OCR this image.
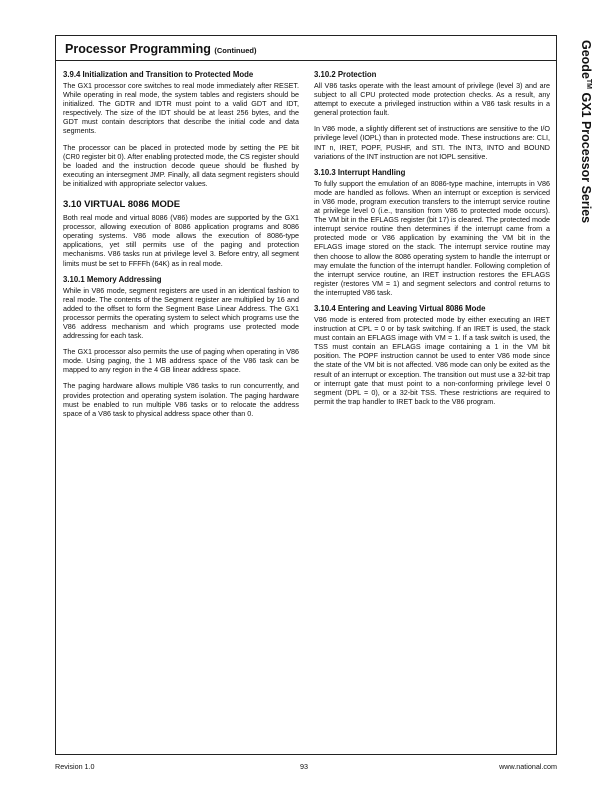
Processor Programming (Continued)	Geode™ GX1 Processor Series
3.9.4 Initialization and Transition to Protected Mode

The GX1 processor core switches to real mode immediately after RESET. While operating in real mode, the system tables and registers should be initialized. The GDTR and IDTR must point to a valid GDT and IDT, respectively. The size of the IDT should be at least 256 bytes, and the GDT must contain descriptors that describe the initial code and data segments.

The processor can be placed in protected mode by setting the PE bit (CR0 register bit 0). After enabling protected mode, the CS register should be loaded and the instruction decode queue should be flushed by executing an intersegment JMP. Finally, all data segment registers should be initialized with appropriate selector values.

3.10 VIRTUAL 8086 MODE

Both real mode and virtual 8086 (V86) modes are supported by the GX1 processor, allowing execution of 8086 application programs and 8086 operating systems. V86 mode allows the execution of 8086-type applications, yet still permits use of the paging and protection mechanisms. V86 tasks run at privilege level 3. Before entry, all segment limits must be set to FFFFh (64K) as in real mode.

3.10.1 Memory Addressing

While in V86 mode, segment registers are used in an identical fashion to real mode. The contents of the Segment register are multiplied by 16 and added to the offset to form the Segment Base Linear Address. The GX1 processor permits the operating system to select which programs use the V86 address mechanism and which programs use protected mode addressing for each task.

The GX1 processor also permits the use of paging when operating in V86 mode. Using paging, the 1 MB address space of the V86 task can be mapped to any region in the 4 GB linear address space.

The paging hardware allows multiple V86 tasks to run concurrently, and provides protection and operating system isolation. The paging hardware must be enabled to run multiple V86 tasks or to relocate the address space of a V86 task to physical address space other than 0.

3.10.2 Protection

All V86 tasks operate with the least amount of privilege (level 3) and are subject to all CPU protected mode protection checks. As a result, any attempt to execute a privileged instruction within a V86 task results in a general protection fault.

In V86 mode, a slightly different set of instructions are sensitive to the I/O privilege level (IOPL) than in protected mode. These instructions are: CLI, INT n, IRET, POPF, PUSHF, and STI. The INT3, INTO and BOUND variations of the INT instruction are not IOPL sensitive.

3.10.3 Interrupt Handling

To fully support the emulation of an 8086-type machine, interrupts in V86 mode are handled as follows. When an interrupt or exception is serviced in V86 mode, program execution transfers to the interrupt service routine at privilege level 0 (i.e., transition from V86 to protected mode occurs). The VM bit in the EFLAGS register (bit 17) is cleared. The protected mode interrupt service routine then determines if the interrupt came from a protected mode or V86 application by examining the VM bit in the EFLAGS image stored on the stack. The interrupt service routine may then choose to allow the 8086 operating system to handle the interrupt or may emulate the function of the interrupt handler. Following completion of the interrupt service routine, an IRET instruction restores the EFLAGS register (restores VM = 1) and segment selectors and control returns to the interrupted V86 task.

3.10.4 Entering and Leaving Virtual 8086 Mode

V86 mode is entered from protected mode by either executing an IRET instruction at CPL = 0 or by task switching. If an IRET is used, the stack must contain an EFLAGS image with VM = 1. If a task switch is used, the TSS must contain an EFLAGS image containing a 1 in the VM bit position. The POPF instruction cannot be used to enter V86 mode since the state of the VM bit is not affected. V86 mode can only be exited as the result of an interrupt or exception. The transition out must use a 32-bit trap or interrupt gate that must point to a non-conforming privilege level 0 segment (DPL = 0), or a 32-bit TSS. These restrictions are required to permit the trap handler to IRET back to the V86 program.

Revision 1.0	93	www.national.com
